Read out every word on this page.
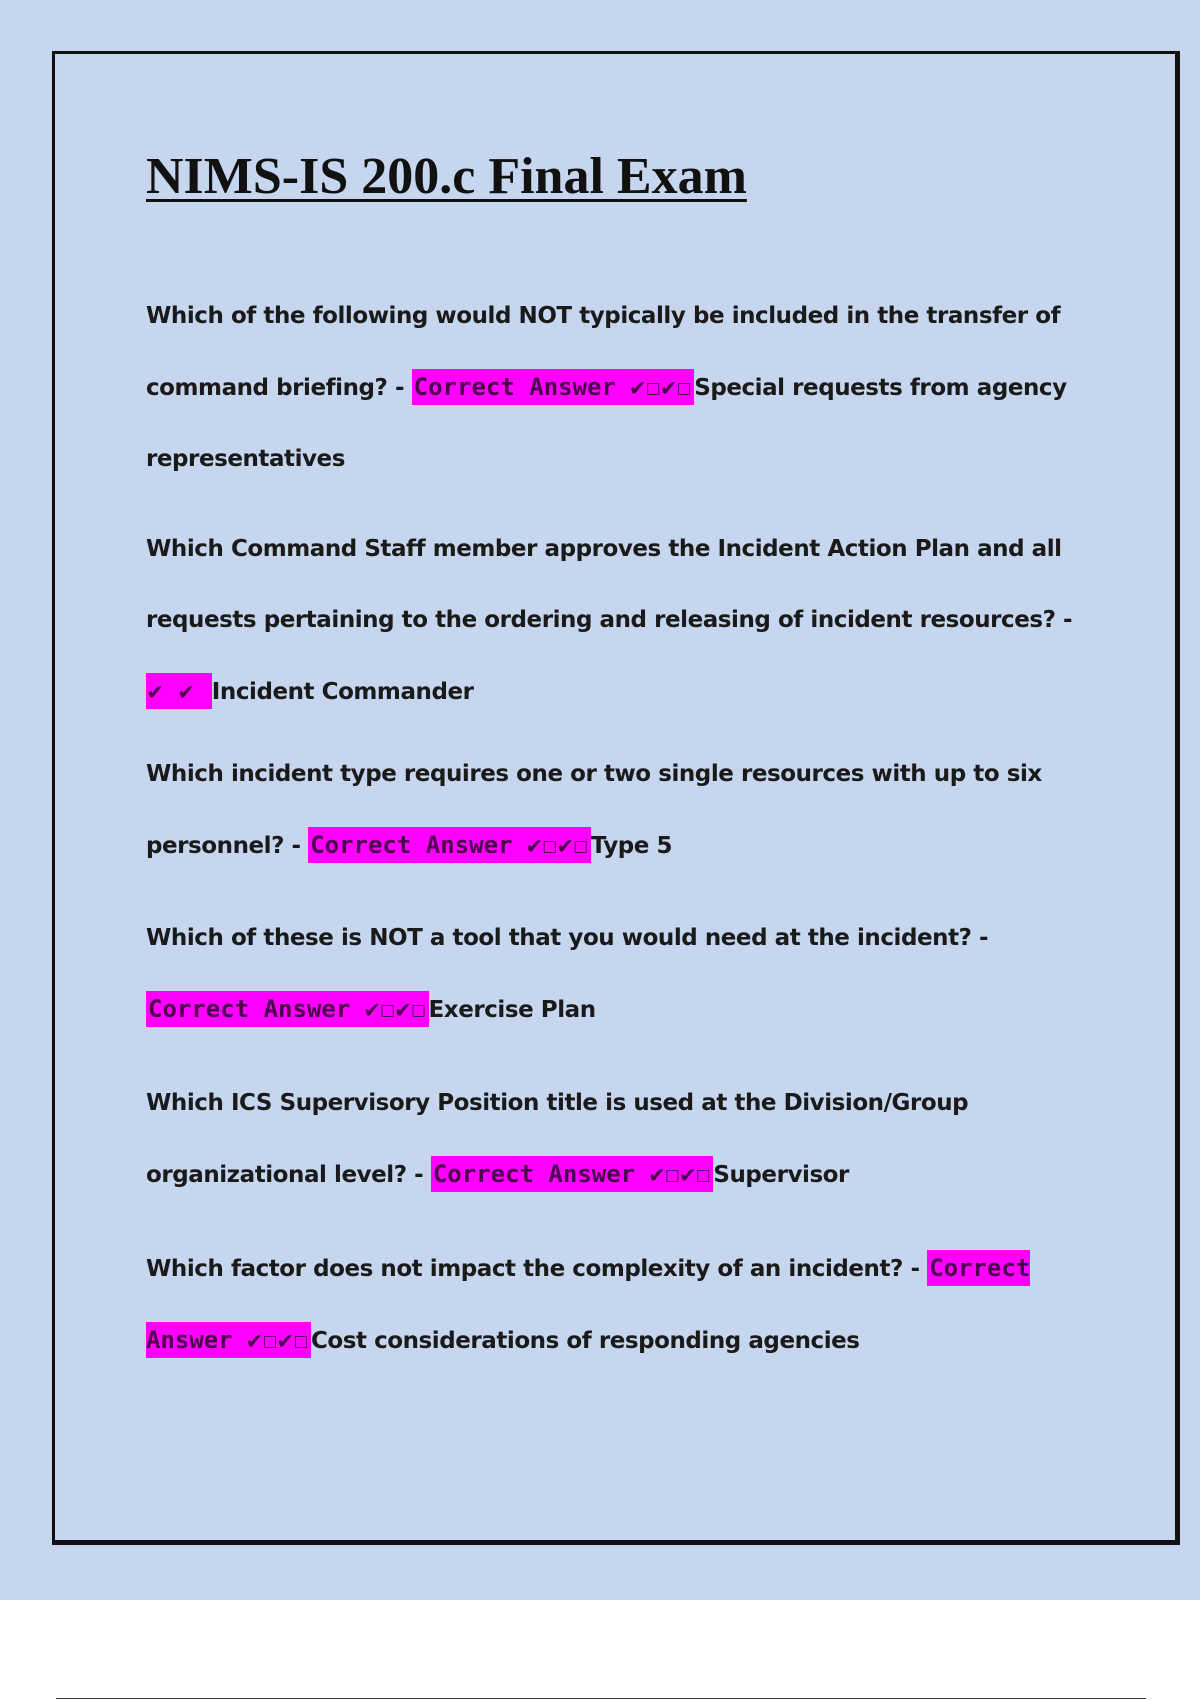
NIMS-IS 200.c Final Exam

Which of the following would NOT typically be included in the transfer of command briefing? - Correct Answer ✔☐✔☐Special requests from agency representatives

Which Command Staff member approves the Incident Action Plan and all requests pertaining to the ordering and releasing of incident resources? - ✔ ✔ Incident Commander

Which incident type requires one or two single resources with up to six personnel? - Correct Answer ✔☐✔☐Type 5

Which of these is NOT a tool that you would need at the incident? - Correct Answer ✔☐✔☐Exercise Plan

Which ICS Supervisory Position title is used at the Division/Group organizational level? - Correct Answer ✔☐✔☐Supervisor

Which factor does not impact the complexity of an incident? - Correct Answer ✔☐✔☐Cost considerations of responding agencies
